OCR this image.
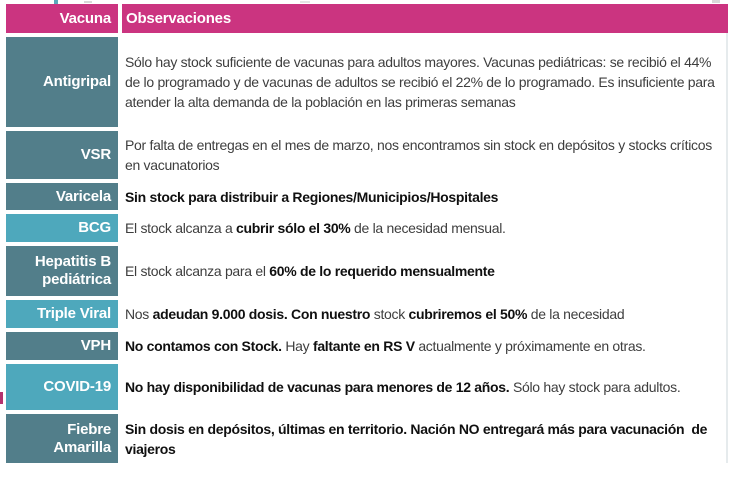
Vacuna	Observaciones
Antigripal
Sólo hay stock suficiente de vacunas para adultos mayores. Vacunas pediátricas: se recibió el 44% de lo programado y de vacunas de adultos se recibió el 22% de lo programado. Es insuficiente para atender la alta demanda de la población en las primeras semanas
VSR
Por falta de entregas en el mes de marzo, nos encontramos sin stock en depósitos y stocks críticos en vacunatorios
Varicela Sin stock para distribuir a Regiones/Municipios/Hospitales
BCG El stock alcanza a cubrir sólo el 30% de la necesidad mensual.
Hepatitis B pediátrica El stock alcanza para el 60% de lo requerido mensualmente
Triple Viral Nos adeudan 9.000 dosis. Con nuestro stock cubriremos el 50% de la necesidad
VPH No contamos con Stock. Hay faltante en RS V actualmente y próximamente en otras.
COVID-19 No hay disponibilidad de vacunas para menores de 12 años. Sólo hay stock para adultos.
Fiebre Amarilla
Sin dosis en depósitos, últimas en territorio. Nación NO entregará más para vacunación  de viajeros
